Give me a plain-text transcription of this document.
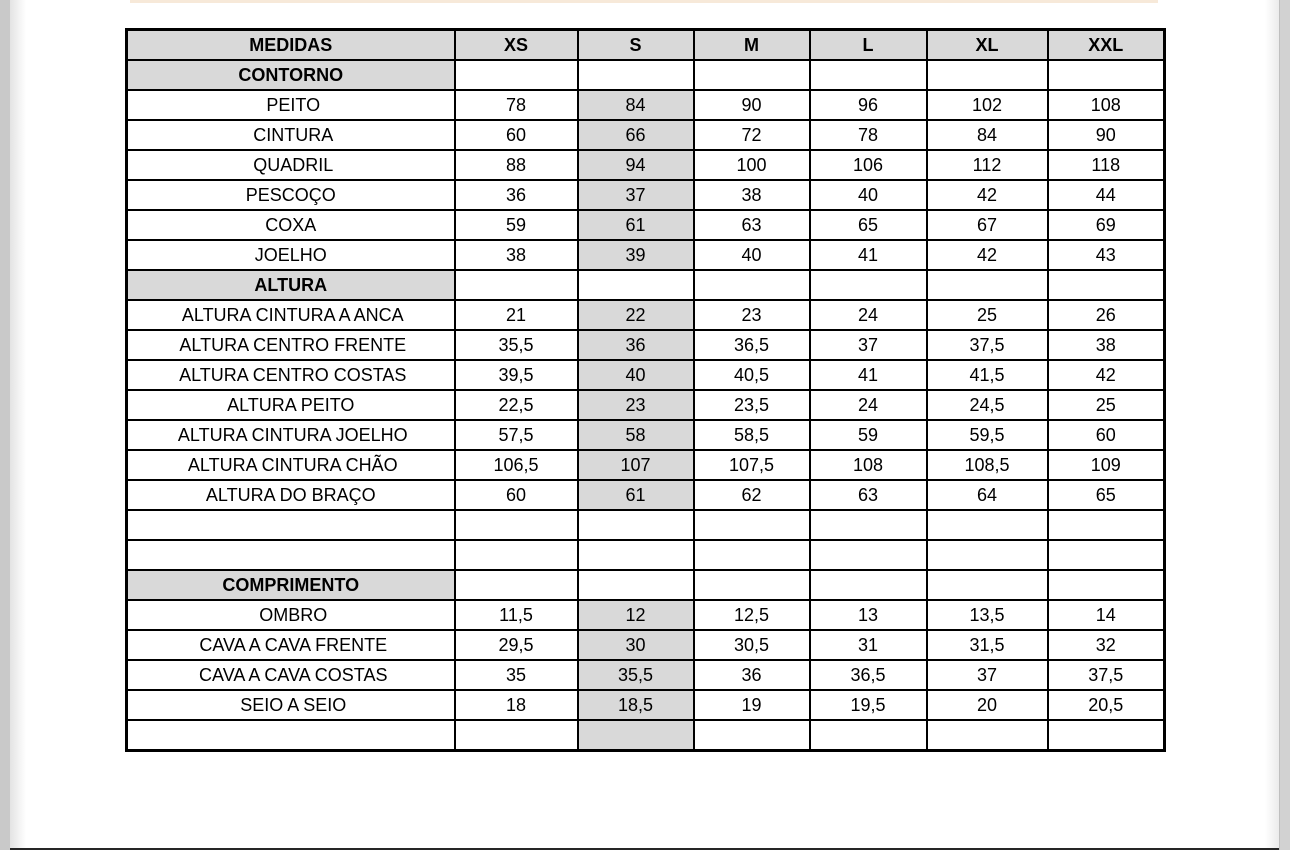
MEDIDAS	XS	S	M	L	XL	XXL
CONTORNO						
PEITO	78	84	90	96	102	108
CINTURA	60	66	72	78	84	90
QUADRIL	88	94	100	106	112	118
PESCOÇO	36	37	38	40	42	44
COXA	59	61	63	65	67	69
JOELHO	38	39	40	41	42	43
ALTURA						
ALTURA CINTURA A ANCA	21	22	23	24	25	26
ALTURA CENTRO FRENTE	35,5	36	36,5	37	37,5	38
ALTURA CENTRO COSTAS	39,5	40	40,5	41	41,5	42
ALTURA PEITO	22,5	23	23,5	24	24,5	25
ALTURA CINTURA JOELHO	57,5	58	58,5	59	59,5	60
ALTURA CINTURA CHÃO	106,5	107	107,5	108	108,5	109
ALTURA DO BRAÇO	60	61	62	63	64	65

COMPRIMENTO						
OMBRO	11,5	12	12,5	13	13,5	14
CAVA A CAVA FRENTE	29,5	30	30,5	31	31,5	32
CAVA A CAVA COSTAS	35	35,5	36	36,5	37	37,5
SEIO A SEIO	18	18,5	19	19,5	20	20,5
